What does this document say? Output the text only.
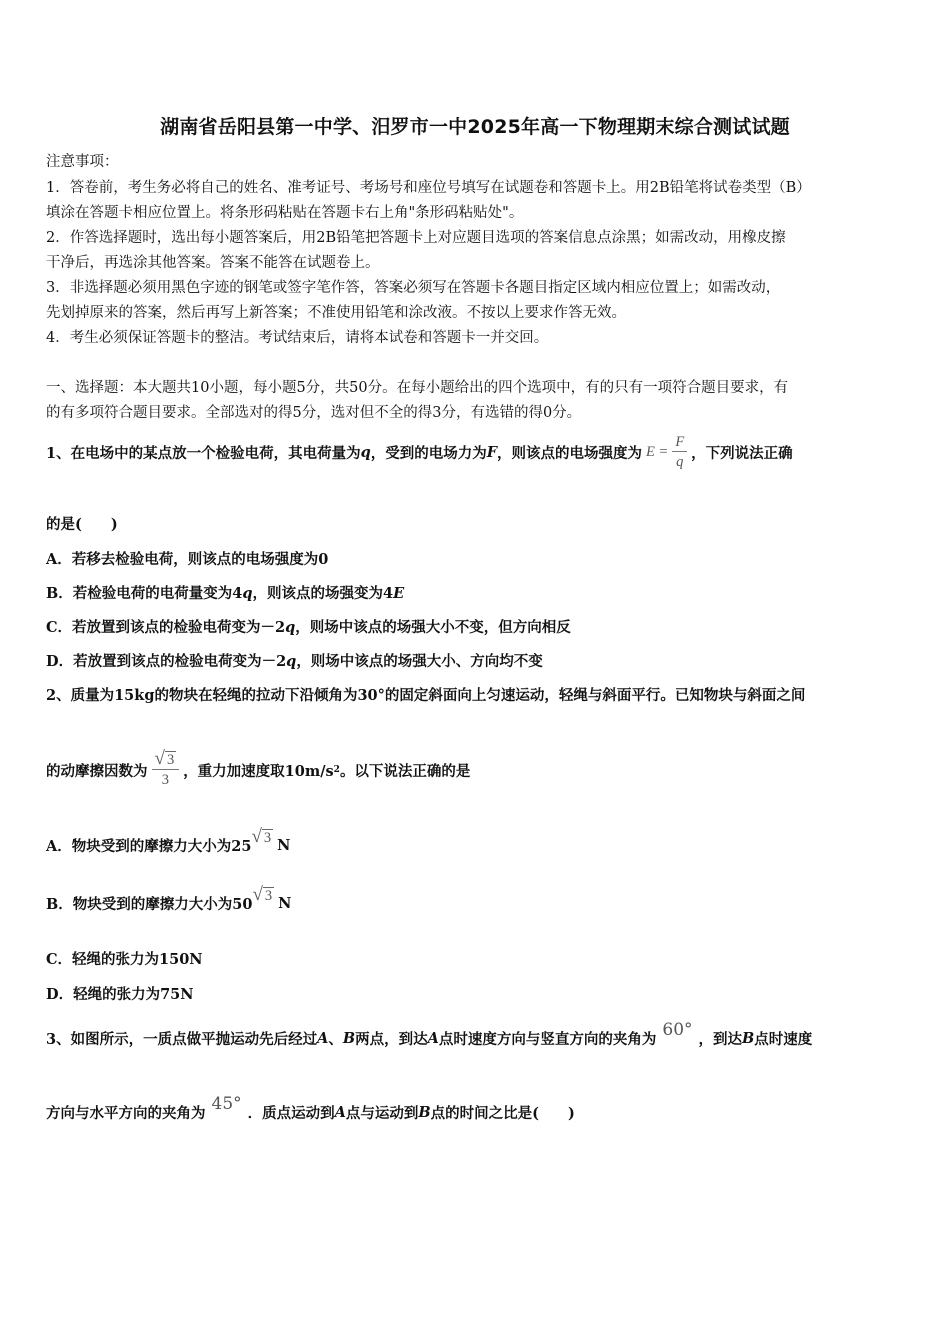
湖南省岳阳县第一中学、汨罗市一中2025年高一下物理期末综合测试试题
注意事项：
1．答卷前，考生务必将自己的姓名、准考证号、考场号和座位号填写在试题卷和答题卡上。用2B铅笔将试卷类型（B）
填涂在答题卡相应位置上。将条形码粘贴在答题卡右上角"条形码粘贴处"。
2．作答选择题时，选出每小题答案后，用2B铅笔把答题卡上对应题目选项的答案信息点涂黑；如需改动，用橡皮擦
干净后，再选涂其他答案。答案不能答在试题卷上。
3．非选择题必须用黑色字迹的钢笔或签字笔作答，答案必须写在答题卡各题目指定区域内相应位置上；如需改动，
先划掉原来的答案，然后再写上新答案；不准使用铅笔和涂改液。不按以上要求作答无效。
4．考生必须保证答题卡的整洁。考试结束后，请将本试卷和答题卡一并交回。
一、选择题：本大题共10小题，每小题5分，共50分。在每小题给出的四个选项中，有的只有一项符合题目要求，有
的有多项符合题目要求。全部选对的得5分，选对但不全的得3分，有选错的得0分。
1、在电场中的某点放一个检验电荷，其电荷量为 q ，受到的电场力为 F ，则该点的电场强度为 $E = \frac{F}{q}$ ，下列说法正确
的是(　　)
A．若移去检验电荷，则该点的电场强度为0
B．若检验电荷的电荷量变为4q，则该点的场强变为4E
C．若放置到该点的检验电荷变为－2q，则场中该点的场强大小不变，但方向相反
D．若放置到该点的检验电荷变为－2q，则场中该点的场强大小、方向均不变
2、质量为15kg的物块在轻绳的拉动下沿倾角为30°的固定斜面向上匀速运动，轻绳与斜面平行。已知物块与斜面之间
的动摩擦因数为 $\frac{√ 3}{3}$ ，重力加速度取10m/s 2 。以下说法正确的是
A．物块受到的摩擦力大小为25 √ 3 N
B．物块受到的摩擦力大小为50 √ 3 N
C．轻绳的张力为150N
D．轻绳的张力为75N
3、如图所示，一质点做平抛运动先后经过 A 、 B 两点，到达 A 点时速度方向与竖直方向的夹角为 60° ，到达 B 点时速度
方向与水平方向的夹角为 45° ．质点运动到 A 点与运动到 B 点的时间之比是(　　)
